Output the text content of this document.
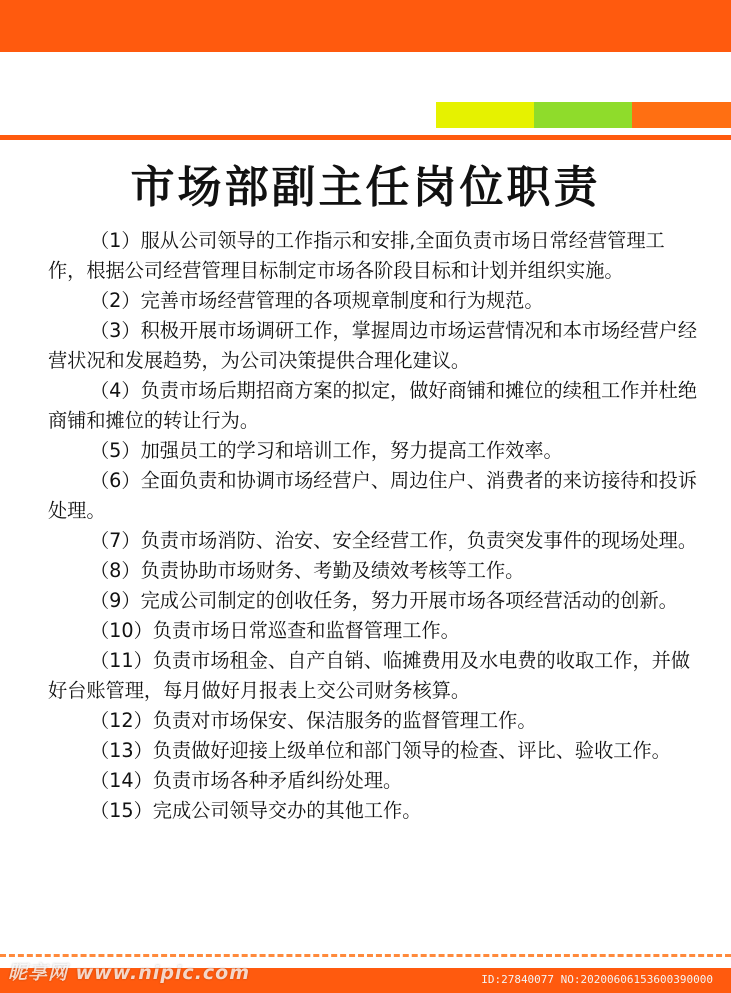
市场部副主任岗位职责

（1）服从公司领导的工作指示和安排,全面负责市场日常经营管理工作，根据公司经营管理目标制定市场各阶段目标和计划并组织实施。

（2）完善市场经营管理的各项规章制度和行为规范。

（3）积极开展市场调研工作，掌握周边市场运营情况和本市场经营户经营状况和发展趋势，为公司决策提供合理化建议。

（4）负责市场后期招商方案的拟定，做好商铺和摊位的续租工作并杜绝商铺和摊位的转让行为。

（5）加强员工的学习和培训工作，努力提高工作效率。

（6）全面负责和协调市场经营户、周边住户、消费者的来访接待和投诉处理。

（7）负责市场消防、治安、安全经营工作，负责突发事件的现场处理。

（8）负责协助市场财务、考勤及绩效考核等工作。

（9）完成公司制定的创收任务，努力开展市场各项经营活动的创新。

（10）负责市场日常巡查和监督管理工作。

（11）负责市场租金、自产自销、临摊费用及水电费的收取工作，并做好台账管理，每月做好月报表上交公司财务核算。

（12）负责对市场保安、保洁服务的监督管理工作。

（13）负责做好迎接上级单位和部门领导的检查、评比、验收工作。

（14）负责市场各种矛盾纠纷处理。

（15）完成公司领导交办的其他工作。

昵享网 www.nipic.com	ID:27840077 NO:20200606153600390000
